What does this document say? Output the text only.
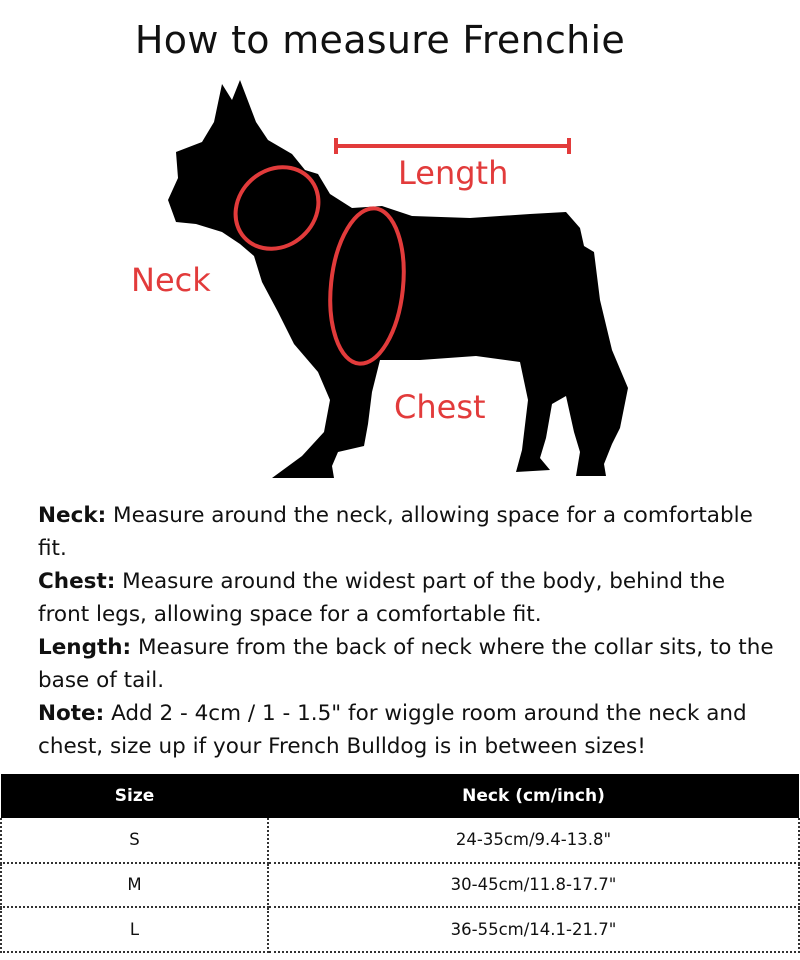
How to measure Frenchie
Length
Neck
Chest

Neck: Measure around the neck, allowing space for a comfortable fit.

Chest: Measure around the widest part of the body, behind the front legs, allowing space for a comfortable fit.

Length: Measure from the back of neck where the collar sits, to the base of tail.

Note: Add 2 - 4cm / 1 - 1.5" for wiggle room around the neck and chest, size up if your French Bulldog is in between sizes!

Size	Neck (cm/inch)
S	24-35cm/9.4-13.8"
M	30-45cm/11.8-17.7"
L	36-55cm/14.1-21.7"
